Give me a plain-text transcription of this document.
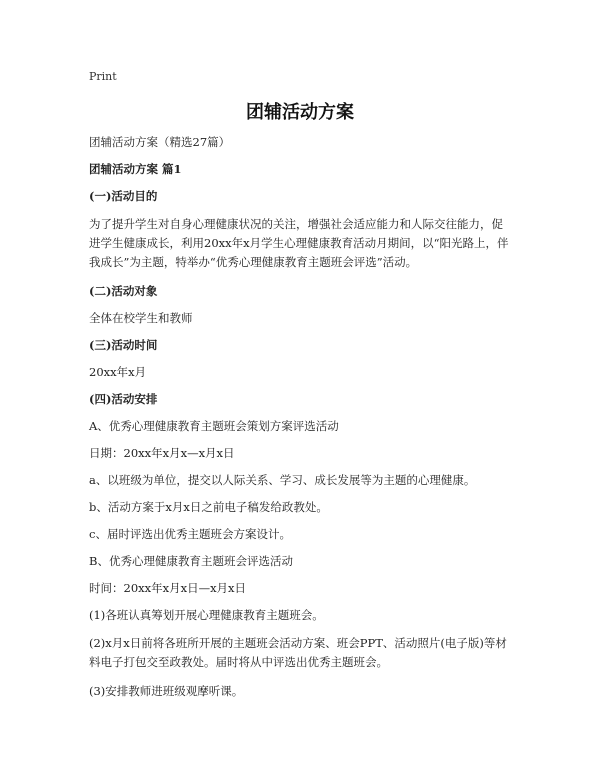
Print
团辅活动方案

团辅活动方案（精选27篇）

团辅活动方案 篇1
(一)活动目的

为了提升学生对自身心理健康状况的关注，增强社会适应能力和人际交往能力，促进学生健康成长，利用20xx年x月学生心理健康教育活动月期间，以“阳光路上，伴我成长”为主题，特举办“优秀心理健康教育主题班会评选”活动。

(二)活动对象

全体在校学生和教师

(三)活动时间

20xx年x月

(四)活动安排

A、优秀心理健康教育主题班会策划方案评选活动

日期：20xx年x月x—x月x日

a、以班级为单位，提交以人际关系、学习、成长发展等为主题的心理健康。

b、活动方案于x月x日之前电子稿发给政教处。

c、届时评选出优秀主题班会方案设计。

B、优秀心理健康教育主题班会评选活动

时间：20xx年x月x日—x月x日

(1)各班认真筹划开展心理健康教育主题班会。

(2)x月x日前将各班所开展的主题班会活动方案、班会PPT、活动照片(电子版)等材料电子打包交至政教处。届时将从中评选出优秀主题班会。

(3)安排教师进班级观摩听课。
